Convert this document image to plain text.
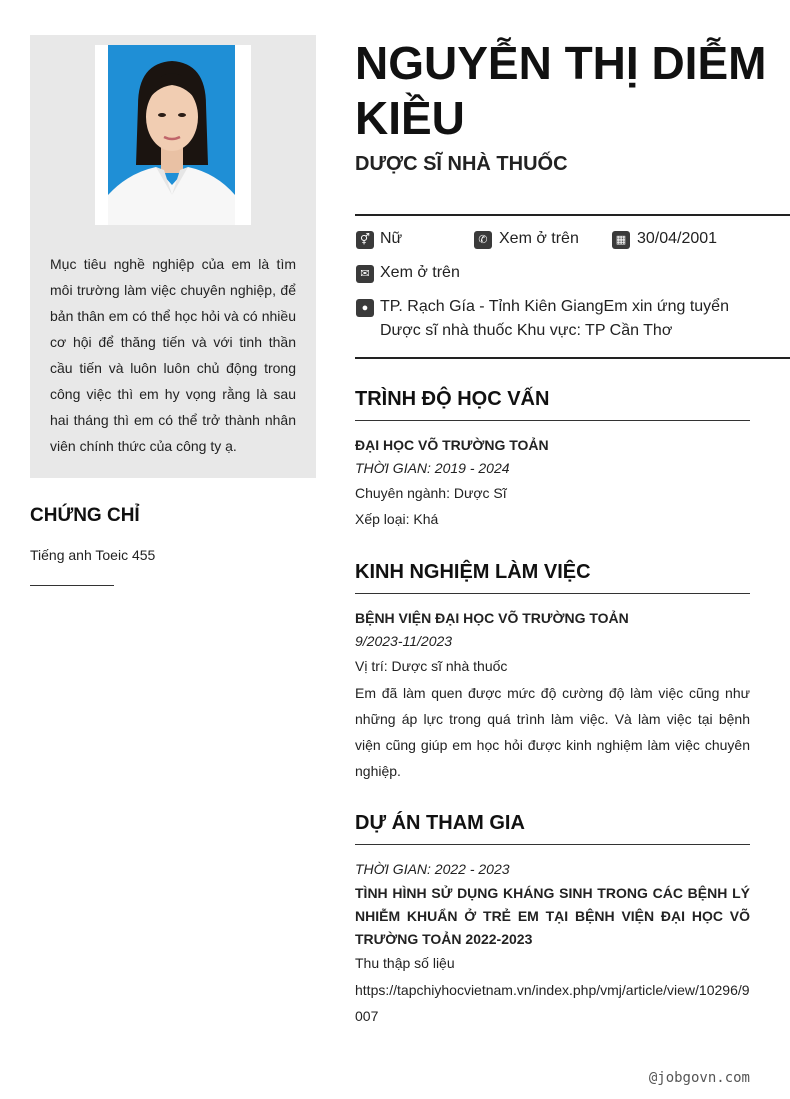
Mục tiêu nghề nghiệp của em là tìm môi trường làm việc chuyên nghiệp, để bản thân em có thể học hỏi và có nhiều cơ hội để thăng tiến và với tinh thần cầu tiến và luôn luôn chủ động trong công việc thì em hy vọng rằng là sau hai tháng thì em có thể trở thành nhân viên chính thức của công ty ạ.
CHỨNG CHỈ
Tiếng anh Toeic 455
NGUYỄN THỊ DIỄM KIỀU
DƯỢC SĨ NHÀ THUỐC
⚥ Nữ	✆ Xem ở trên	▦ 30/04/2001
✉ Xem ở trên
● TP. Rạch Gía - Tỉnh Kiên GiangEm xin ứng tuyển Dược sĩ nhà thuốc Khu vực: TP Cần Thơ
TRÌNH ĐỘ HỌC VẤN
ĐẠI HỌC VÕ TRƯỜNG TOẢN
THỜI GIAN: 2019 - 2024
Chuyên ngành: Dược Sĩ
Xếp loại: Khá
KINH NGHIỆM LÀM VIỆC
BỆNH VIỆN ĐẠI HỌC VÕ TRƯỜNG TOẢN
9/2023-11/2023
Vị trí: Dược sĩ nhà thuốc
Em đã làm quen được mức độ cường độ làm việc cũng như những áp lực trong quá trình làm việc. Và làm việc tại bệnh viện cũng giúp em học hỏi được kinh nghiệm làm việc chuyên nghiệp.
DỰ ÁN THAM GIA
THỜI GIAN: 2022 - 2023
TÌNH HÌNH SỬ DỤNG KHÁNG SINH TRONG CÁC BỆNH LÝ NHIỄM KHUẨN Ở TRẺ EM TẠI BỆNH VIỆN ĐẠI HỌC VÕ TRƯỜNG TOẢN 2022-2023
Thu thập số liệu
https://tapchiyhocvietnam.vn/index.php/vmj/article/view/10296/9007
@jobgovn.com
